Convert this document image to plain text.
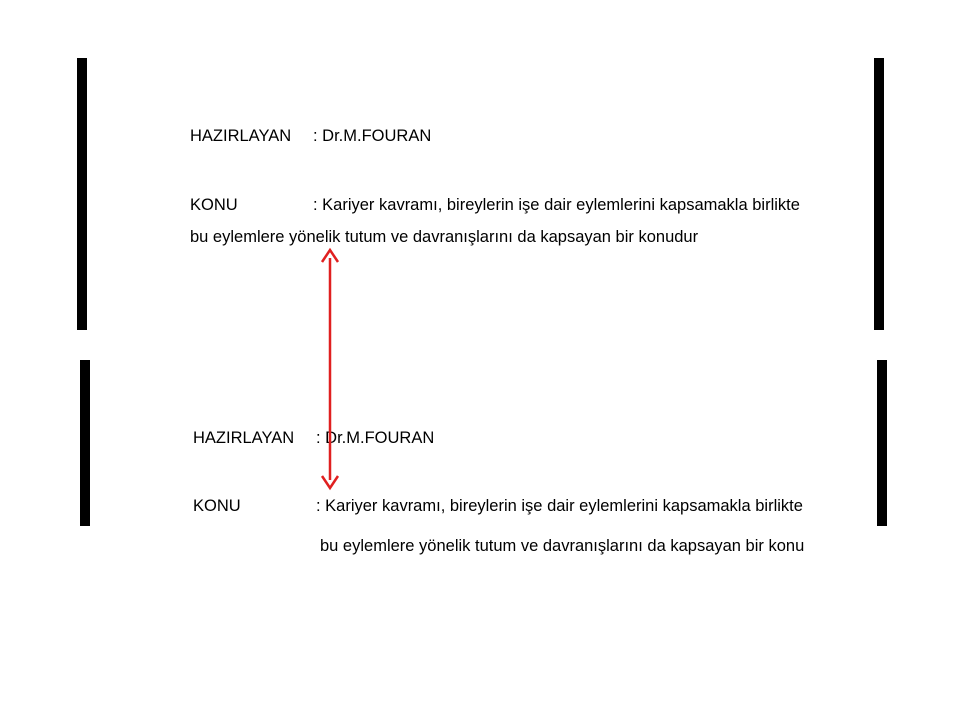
HAZIRLAYAN : Dr.M.FOURAN
KONU	: Kariyer kavramı, bireylerin işe dair eylemlerini kapsamakla birlikte
bu eylemlere yönelik tutum ve davranışlarını da kapsayan bir konudur
HAZIRLAYAN : Dr.M.FOURAN
KONU	: Kariyer kavramı, bireylerin işe dair eylemlerini kapsamakla birlikte
bu eylemlere yönelik tutum ve davranışlarını da kapsayan bir konu
